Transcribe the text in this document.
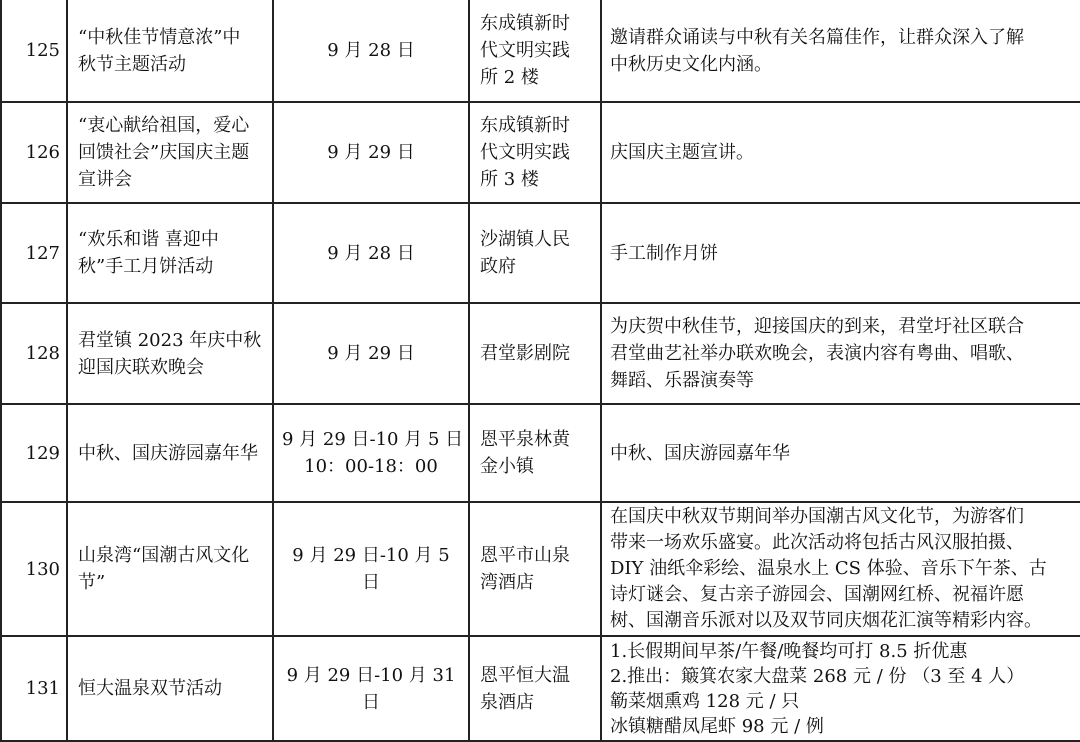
125	“中秋佳节情意浓”中
秋节主题活动	9 月 28 日	东成镇新时
代文明实践
所 2 楼	邀请群众诵读与中秋有关名篇佳作，让群众深入了解
中秋历史文化内涵。

126	“衷心献给祖国，爱心
回馈社会”庆国庆主题
宣讲会	9 月 29 日	东成镇新时
代文明实践
所 3 楼	庆国庆主题宣讲。
127	“欢乐和谐 喜迎中
秋”手工月饼活动	9 月 28 日	沙湖镇人民
政府	手工制作月饼
128	君堂镇 2023 年庆中秋
迎国庆联欢晚会	9 月 29 日	君堂影剧院	为庆贺中秋佳节，迎接国庆的到来，君堂圩社区联合
君堂曲艺社举办联欢晚会，表演内容有粤曲、唱歌、
舞蹈、乐器演奏等

129	中秋、国庆游园嘉年华	9 月 29 日-10 月 5 日
10：00-18：00	恩平泉林黄
金小镇	中秋、国庆游园嘉年华
130	山泉湾“国潮古风文化
节”	9 月 29 日-10 月 5 日	恩平市山泉
湾酒店	在国庆中秋双节期间举办国潮古风文化节，为游客们
带来一场欢乐盛宴。此次活动将包括古风汉服拍摄、
DIY 油纸伞彩绘、温泉水上 CS 体验、音乐下午茶、古
诗灯谜会、复古亲子游园会、国潮网红桥、祝福许愿
树、国潮音乐派对以及双节同庆烟花汇演等精彩内容。

131	恒大温泉双节活动	9 月 29 日-10 月 31 日	恩平恒大温
泉酒店	1.长假期间早茶/午餐/晚餐均可打 8.5 折优惠
2.推出：簸箕农家大盘菜 268 元 / 份 （3 至 4 人）
簕菜烟熏鸡 128 元 / 只
冰镇糖醋凤尾虾 98 元 / 例
